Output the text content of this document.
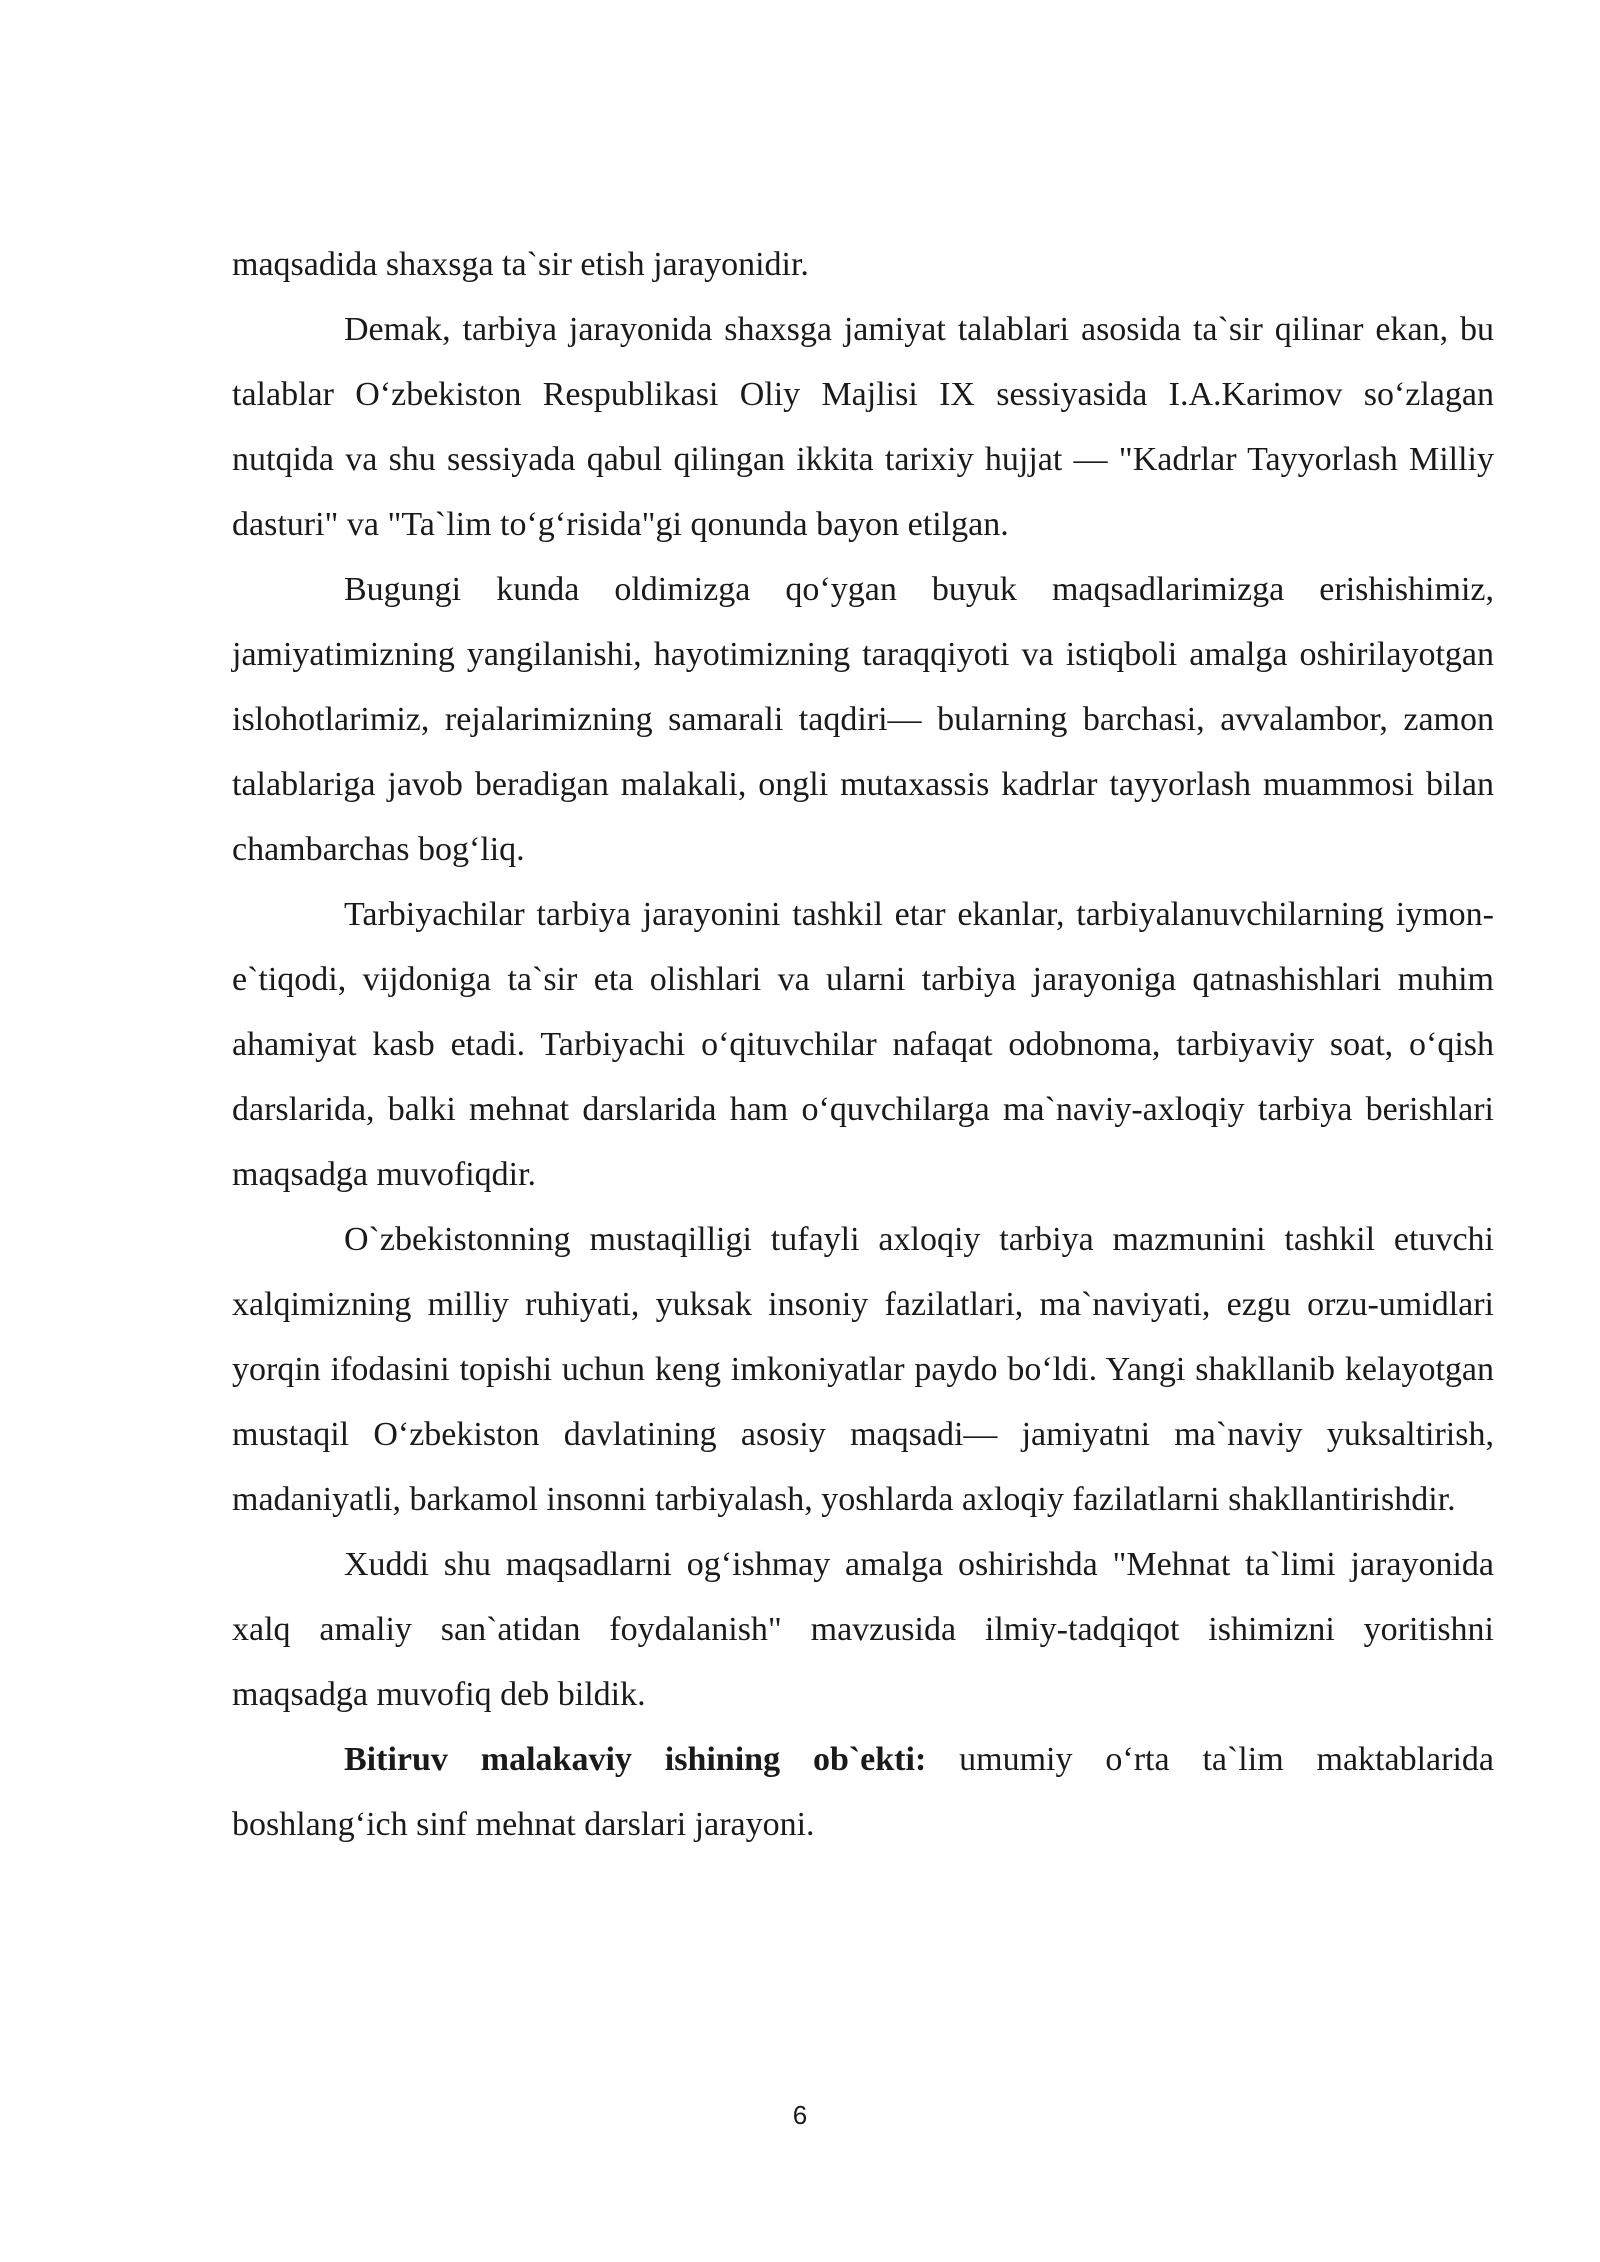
maqsadida shaxsga ta`sir etish jarayonidir.

Demak, tarbiya jarayonida shaxsga jamiyat talablari asosida ta`sir qilinar ekan, bu talablar O‘zbekiston Respublikasi Oliy Majlisi IX sessiyasida I.A.Karimov so‘zlagan nutqida va shu sessiyada qabul qilingan ikkita tarixiy hujjat — "Kadrlar Tayyorlash Milliy dasturi" va "Ta`lim to‘g‘risida"gi qonunda bayon etilgan.

Bugungi kunda oldimizga qo‘ygan buyuk maqsadlarimizga erishishimiz, jamiyatimizning yangilanishi, hayotimizning taraqqiyoti va istiqboli amalga oshirilayotgan islohotlarimiz, rejalarimizning samarali taqdiri— bularning barchasi, avvalambor, zamon talablariga javob beradigan malakali, ongli mutaxassis kadrlar tayyorlash muammosi bilan chambarchas bog‘liq.

Tarbiyachilar tarbiya jarayonini tashkil etar ekanlar, tarbiyalanuvchilarning iymon-e`tiqodi, vijdoniga ta`sir eta olishlari va ularni tarbiya jarayoniga qatnashishlari muhim ahamiyat kasb etadi. Tarbiyachi o‘qituvchilar nafaqat odobnoma, tarbiyaviy soat, o‘qish darslarida, balki mehnat darslarida ham o‘quvchilarga ma`naviy-axloqiy tarbiya berishlari maqsadga muvofiqdir.

O`zbekistonning mustaqilligi tufayli axloqiy tarbiya mazmunini tashkil etuvchi xalqimizning milliy ruhiyati, yuksak insoniy fazilatlari, ma`naviyati, ezgu orzu-umidlari yorqin ifodasini topishi uchun keng imkoniyatlar paydo bo‘ldi. Yangi shakllanib kelayotgan mustaqil O‘zbekiston davlatining asosiy maqsadi— jamiyatni ma`naviy yuksaltirish, madaniyatli, barkamol insonni tarbiyalash, yoshlarda axloqiy fazilatlarni shakllantirishdir.

Xuddi shu maqsadlarni og‘ishmay amalga oshirishda "Mehnat ta`limi jarayonida xalq amaliy san`atidan foydalanish" mavzusida ilmiy-tadqiqot ishimizni yoritishni maqsadga muvofiq deb bildik.

Bitiruv malakaviy ishining ob`ekti: umumiy o‘rta ta`lim maktablarida boshlang‘ich sinf mehnat darslari jarayoni.

6
